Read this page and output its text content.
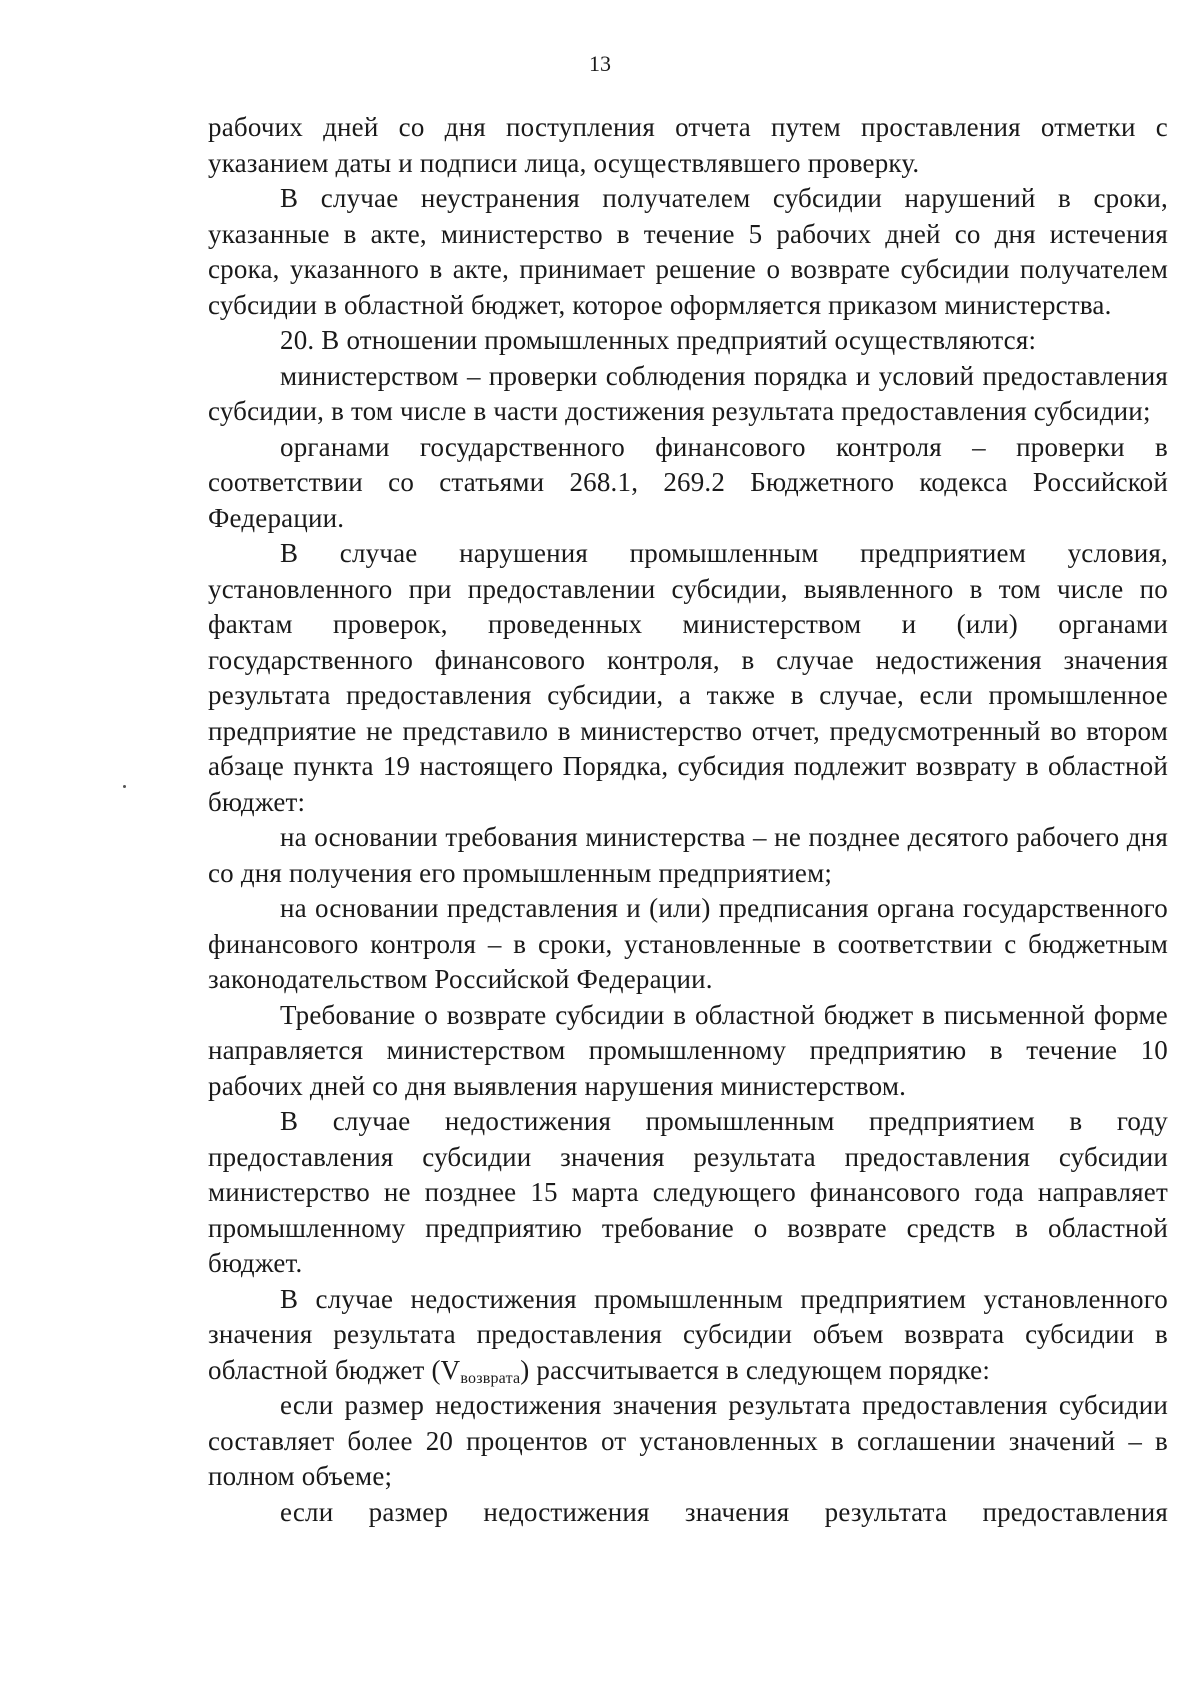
13

рабочих дней со дня поступления отчета путем проставления отметки с указанием даты и подписи лица, осуществлявшего проверку.

В случае неустранения получателем субсидии нарушений в сроки, указанные в акте, министерство в течение 5 рабочих дней со дня истечения срока, указанного в акте, принимает решение о возврате субсидии получателем субсидии в областной бюджет, которое оформляется приказом министерства.

20. В отношении промышленных предприятий осуществляются:

министерством – проверки соблюдения порядка и условий предоставления субсидии, в том числе в части достижения результата предоставления субсидии;

органами государственного финансового контроля – проверки в соответствии со статьями 268.1, 269.2 Бюджетного кодекса Российской Федерации.

В случае нарушения промышленным предприятием условия, установленного при предоставлении субсидии, выявленного в том числе по фактам проверок, проведенных министерством и (или) органами государственного финансового контроля, в случае недостижения значения результата предоставления субсидии, а также в случае, если промышленное предприятие не представило в министерство отчет, предусмотренный во втором абзаце пункта 19 настоящего Порядка, субсидия подлежит возврату в областной бюджет:

на основании требования министерства – не позднее десятого рабочего дня со дня получения его промышленным предприятием;

на основании представления и (или) предписания органа государственного финансового контроля – в сроки, установленные в соответствии с бюджетным законодательством Российской Федерации.

Требование о возврате субсидии в областной бюджет в письменной форме направляется министерством промышленному предприятию в течение 10 рабочих дней со дня выявления нарушения министерством.

В случае недостижения промышленным предприятием в году предоставления субсидии значения результата предоставления субсидии министерство не позднее 15 марта следующего финансового года направляет промышленному предприятию требование о возврате средств в областной бюджет.

В случае недостижения промышленным предприятием установленного значения результата предоставления субсидии объем возврата субсидии в областной бюджет $(V_{возврата})$ рассчитывается в следующем порядке:

если размер недостижения значения результата предоставления субсидии составляет более 20 процентов от установленных в соглашении значений – в полном объеме;

если размер недостижения значения результата предоставления
